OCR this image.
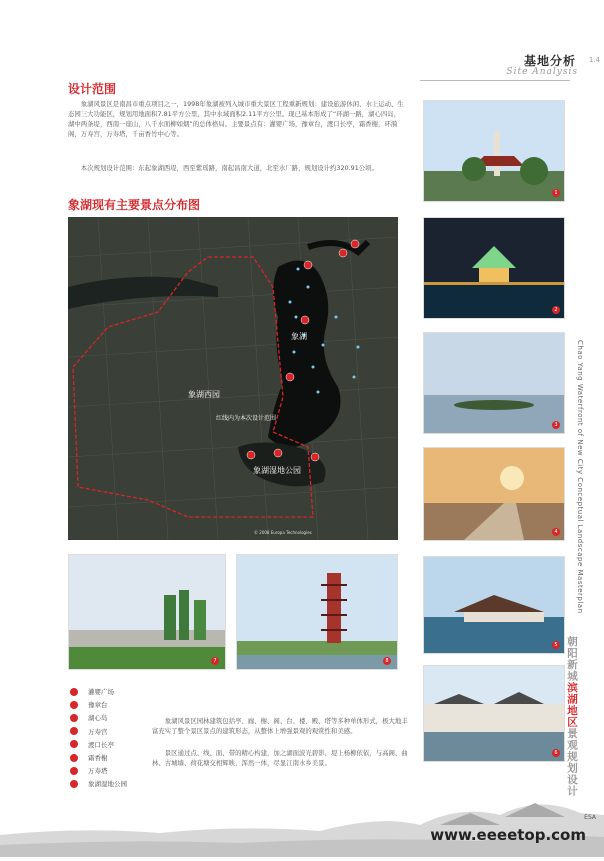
基地分析
Site Analysis
1.4
设计范围

象湖风景区是南昌市重点项目之一，1998年象湖被列入城市重大景区工程重新规划：建设旅游休闲、水上运动、生态园三大功能区，规划用地面积7.81平方公里，其中水域面积2.11平方公里。现已基本形成了“环湖一路，湖心四岛，湖中两条堤，西南一座山，八千水面柳如烟”的总体格局。主要景点有：灌婴广场，豫章台，渡口长亭，霜香榭，环漪阁，万寿宫，万寿塔，千亩香竹中心等。

本次规划设计范围：东起象湖西堤，西至紫瑶路，南起昌南大道，北至水厂路，规划设计约320.91公顷。

象湖现有主要景点分布图
象湖
象湖西园
红线内为本次设计范围
象湖湿地公园
© 2008 Europa Technologies
1
2
3
4
5
6
7	8
灌婴广场
豫章台
湖心岛
万寿宫
渡口长亭
霜香榭
万寿塔
象湖湿地公园

象湖风景区园林建筑包括亭、廊、榭、阁、台、楼、殿、塔等多种单体形式，极大地丰富充实了整个景区景点的建筑形态，从整体上增强景观的观赏性和美感。

景区通过点、线、面、带的精心构建，加之湖面波光碧影、堤上杨柳依依，与高阁、曲林、古城墙、荷花塘交相辉映，浑然一体，尽显江南水乡美景。

Chao Yang Waterfront of New City Conceptual Landscape Masterplan
朝阳新城滨湖地区景观规划设计
ESA
www.eeeetop.com
